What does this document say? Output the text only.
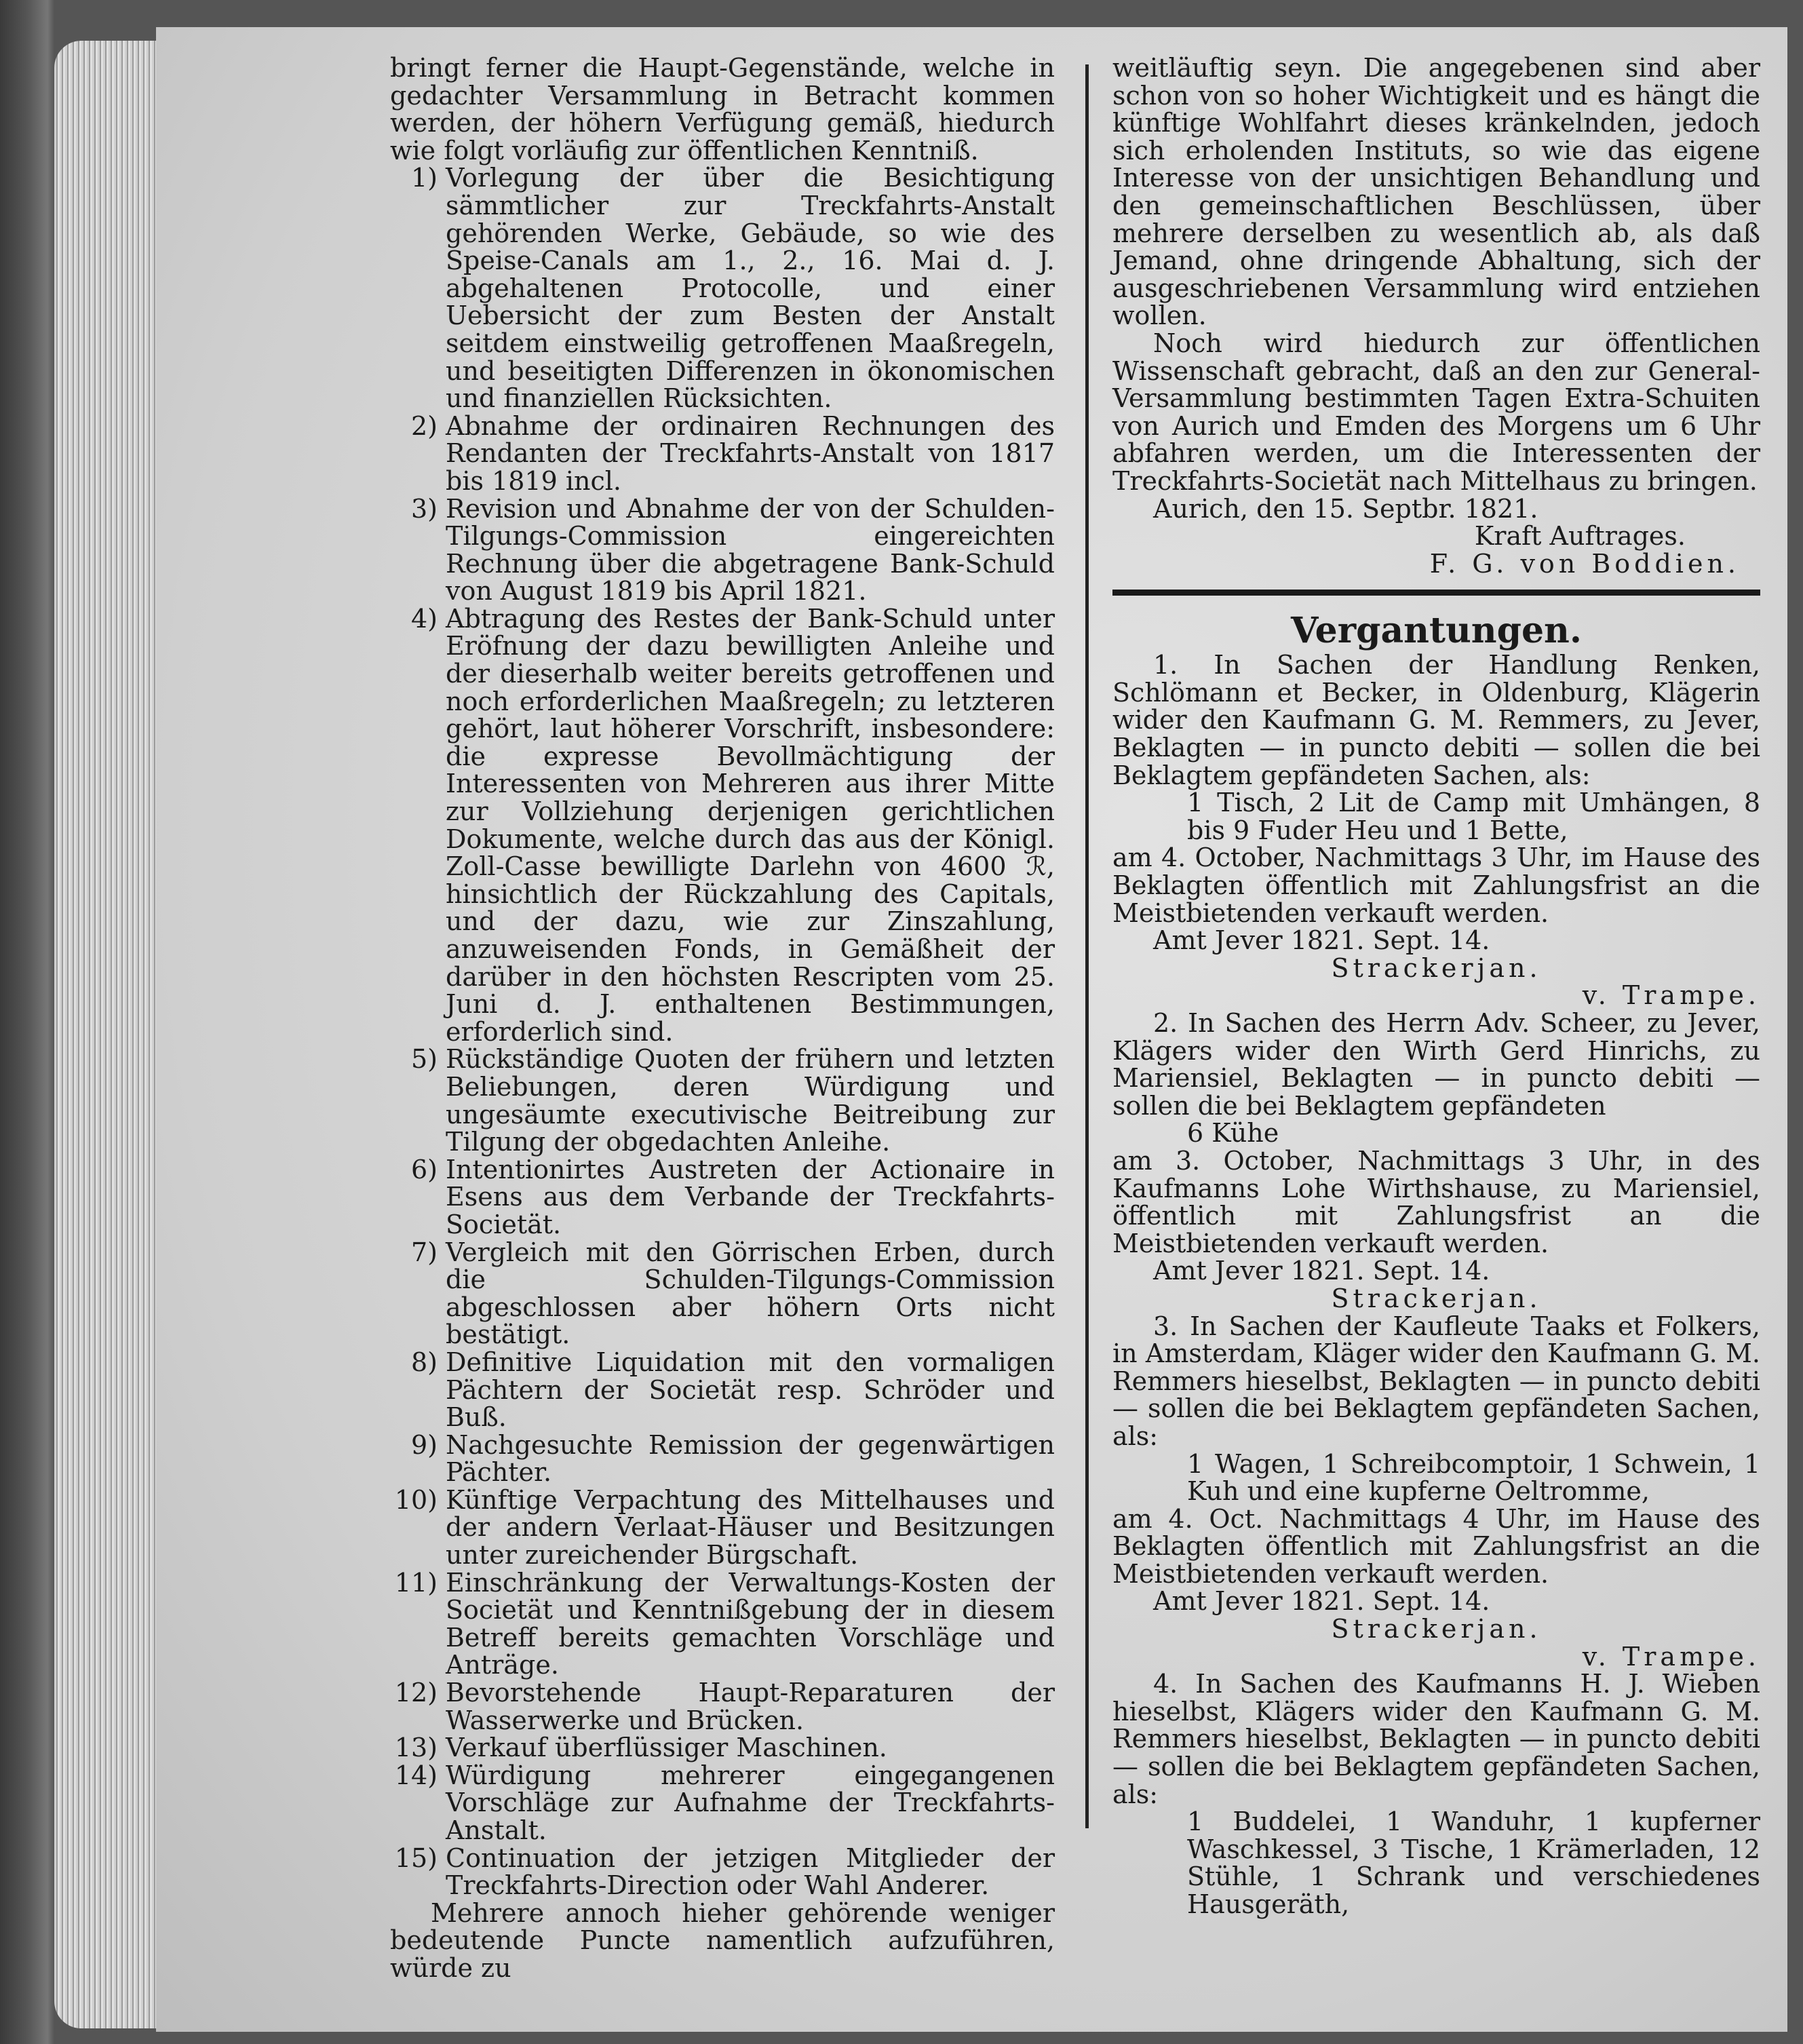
bringt ferner die Haupt-Gegenstände, welche in gedachter Versammlung in Betracht kommen werden, der höhern Verfügung gemäß, hiedurch wie folgt vorläufig zur öffentlichen Kenntniß.

1) Vorlegung der über die Besichtigung sämmtlicher zur Treckfahrts-Anstalt gehörenden Werke, Gebäude, so wie des Speise-Canals am 1., 2., 16. Mai d. J. abgehaltenen Protocolle, und einer Uebersicht der zum Besten der Anstalt seitdem einstweilig getroffenen Maaßregeln, und beseitigten Differenzen in ökonomischen und finanziellen Rücksichten.
2) Abnahme der ordinairen Rechnungen des Rendanten der Treckfahrts-Anstalt von 1817 bis 1819 incl.
3) Revision und Abnahme der von der Schulden-Tilgungs-Commission eingereichten Rechnung über die abgetragene Bank-Schuld von August 1819 bis April 1821.
4) Abtragung des Restes der Bank-Schuld unter Eröfnung der dazu bewilligten Anleihe und der dieserhalb weiter bereits getroffenen und noch erforderlichen Maaßregeln; zu letzteren gehört, laut höherer Vorschrift, insbesondere: die expresse Bevollmächtigung der Interessenten von Mehreren aus ihrer Mitte zur Vollziehung derjenigen gerichtlichen Dokumente, welche durch das aus der Königl. Zoll-Casse bewilligte Darlehn von 4600 ℛ, hinsichtlich der Rückzahlung des Capitals, und der dazu, wie zur Zinszahlung, anzuweisenden Fonds, in Gemäßheit der darüber in den höchsten Rescripten vom 25. Juni d. J. enthaltenen Bestimmungen, erforderlich sind.
5) Rückständige Quoten der frühern und letzten Beliebungen, deren Würdigung und ungesäumte executivische Beitreibung zur Tilgung der obgedachten Anleihe.
6) Intentionirtes Austreten der Actionaire in Esens aus dem Verbande der Treckfahrts-Societät.
7) Vergleich mit den Görrischen Erben, durch die Schulden-Tilgungs-Commission abgeschlossen aber höhern Orts nicht bestätigt.
8) Definitive Liquidation mit den vormaligen Pächtern der Societät resp. Schröder und Buß.
9) Nachgesuchte Remission der gegenwärtigen Pächter.
10) Künftige Verpachtung des Mittelhauses und der andern Verlaat-Häuser und Besitzungen unter zureichender Bürgschaft.
11) Einschränkung der Verwaltungs-Kosten der Societät und Kenntnißgebung der in diesem Betreff bereits gemachten Vorschläge und Anträge.
12) Bevorstehende Haupt-Reparaturen der Wasserwerke und Brücken.
13) Verkauf überflüssiger Maschinen.
14) Würdigung mehrerer eingegangenen Vorschläge zur Aufnahme der Treckfahrts-Anstalt.
15) Continuation der jetzigen Mitglieder der Treckfahrts-Direction oder Wahl Anderer.

Mehrere annoch hieher gehörende weniger bedeutende Puncte namentlich aufzuführen, würde zu

weitläuftig seyn. Die angegebenen sind aber schon von so hoher Wichtigkeit und es hängt die künftige Wohlfahrt dieses kränkelnden, jedoch sich erholenden Instituts, so wie das eigene Interesse von der unsichtigen Behandlung und den gemeinschaftlichen Beschlüssen, über mehrere derselben zu wesentlich ab, als daß Jemand, ohne dringende Abhaltung, sich der ausgeschriebenen Versammlung wird entziehen wollen.

Noch wird hiedurch zur öffentlichen Wissenschaft gebracht, daß an den zur General-Versammlung bestimmten Tagen Extra-Schuiten von Aurich und Emden des Morgens um 6 Uhr abfahren werden, um die Interessenten der Treckfahrts-Societät nach Mittelhaus zu bringen.

Aurich, den 15. Septbr. 1821.

Kraft Auftrages.

F. G. von Boddien.

Vergantungen.

1. In Sachen der Handlung Renken, Schlömann et Becker, in Oldenburg, Klägerin wider den Kaufmann G. M. Remmers, zu Jever, Beklagten — in puncto debiti — sollen die bei Beklagtem gepfändeten Sachen, als:

1 Tisch, 2 Lit de Camp mit Umhängen, 8 bis 9 Fuder Heu und 1 Bette,

am 4. October, Nachmittags 3 Uhr, im Hause des Beklagten öffentlich mit Zahlungsfrist an die Meistbietenden verkauft werden.

Amt Jever 1821. Sept. 14.

Strackerjan.

v. Trampe.

2. In Sachen des Herrn Adv. Scheer, zu Jever, Klägers wider den Wirth Gerd Hinrichs, zu Mariensiel, Beklagten — in puncto debiti — sollen die bei Beklagtem gepfändeten

6 Kühe

am 3. October, Nachmittags 3 Uhr, in des Kaufmanns Lohe Wirthshause, zu Mariensiel, öffentlich mit Zahlungsfrist an die Meistbietenden verkauft werden.

Amt Jever 1821. Sept. 14.

Strackerjan.

3. In Sachen der Kaufleute Taaks et Folkers, in Amsterdam, Kläger wider den Kaufmann G. M. Remmers hieselbst, Beklagten — in puncto debiti — sollen die bei Beklagtem gepfändeten Sachen, als:

1 Wagen, 1 Schreibcomptoir, 1 Schwein, 1 Kuh und eine kupferne Oeltromme,

am 4. Oct. Nachmittags 4 Uhr, im Hause des Beklagten öffentlich mit Zahlungsfrist an die Meistbietenden verkauft werden.

Amt Jever 1821. Sept. 14.

Strackerjan.

v. Trampe.

4. In Sachen des Kaufmanns H. J. Wieben hieselbst, Klägers wider den Kaufmann G. M. Remmers hieselbst, Beklagten — in puncto debiti — sollen die bei Beklagtem gepfändeten Sachen, als:

1 Buddelei, 1 Wanduhr, 1 kupferner Waschkessel, 3 Tische, 1 Krämerladen, 12 Stühle, 1 Schrank und verschiedenes Hausgeräth,
